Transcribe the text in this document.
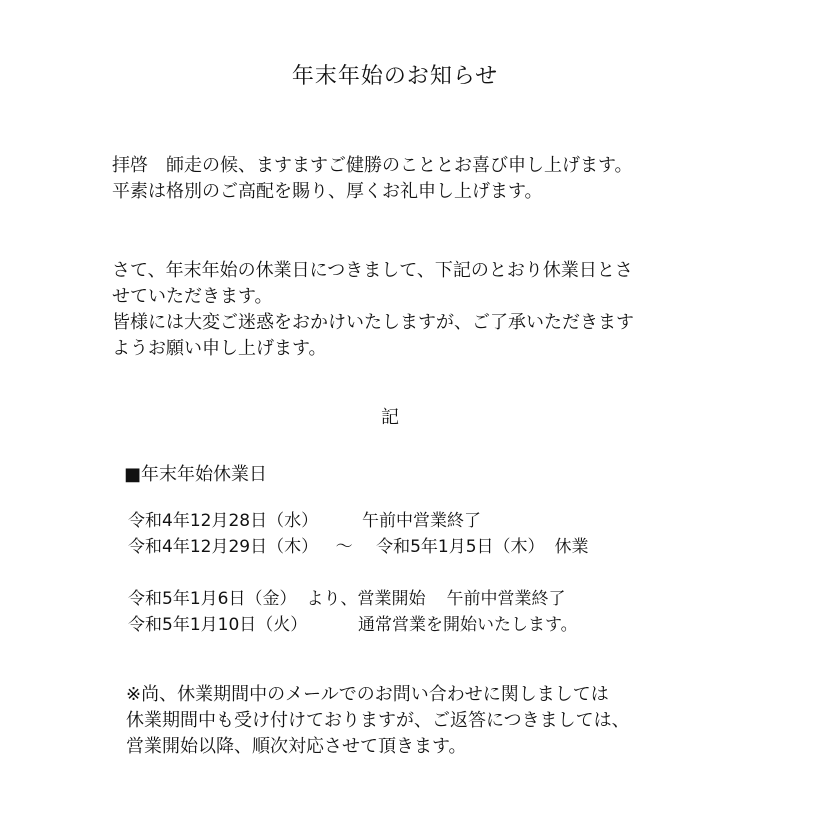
年末年始のお知らせ
拝啓　師走の候、ますますご健勝のこととお喜び申し上げます。
平素は格別のご高配を賜り、厚くお礼申し上げます。
さて、年末年始の休業日につきまして、下記のとおり休業日とさ
せていただきます。
皆様には大変ご迷惑をおかけいたしますが、ご了承いただきます
ようお願い申し上げます。
記
■年末年始休業日
令和4年12月28日（水）	午前中営業終了
令和4年12月29日（木） ～ 令和5年1月5日（木） 休業
令和5年1月6日（金） より、営業開始 午前中営業終了
令和5年1月10日（火）	通常営業を開始いたします。
※尚、休業期間中のメールでのお問い合わせに関しましては
休業期間中も受け付けておりますが、ご返答につきましては、
営業開始以降、順次対応させて頂きます。
